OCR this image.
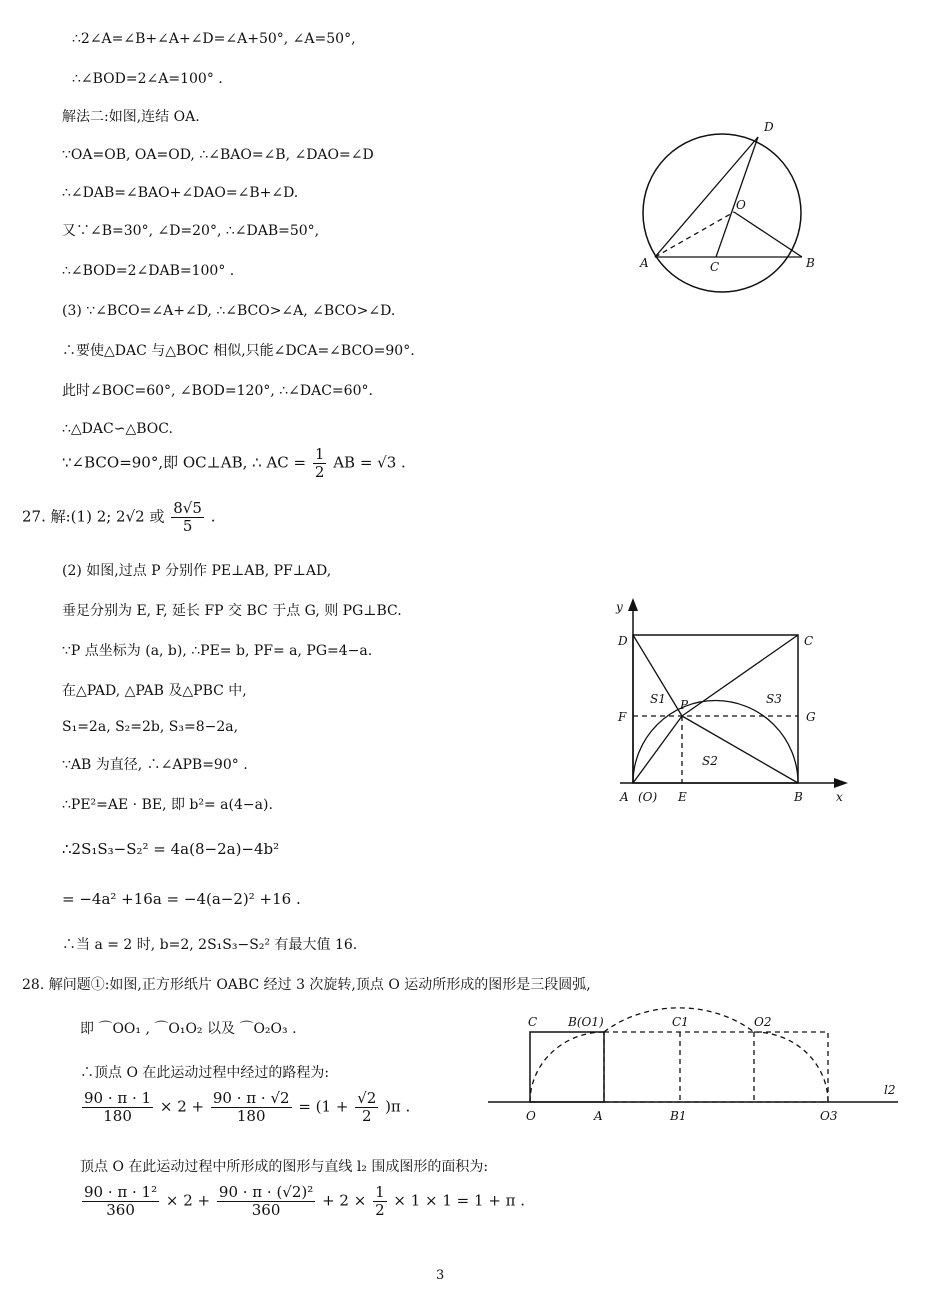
∴2∠A=∠B+∠A+∠D=∠A+50°, ∠A=50°,
∴∠BOD=2∠A=100° .
解法二:如图,连结 OA.
∵OA=OB, OA=OD, ∴∠BAO=∠B, ∠DAO=∠D
∴∠DAB=∠BAO+∠DAO=∠B+∠D.
又∵∠B=30°, ∠D=20°, ∴∠DAB=50°,
∴∠BOD=2∠DAB=100° .
(3) ∵∠BCO=∠A+∠D, ∴∠BCO>∠A, ∠BCO>∠D.
∴要使△DAC 与△BOC 相似,只能∠DCA=∠BCO=90°.
此时∠BOC=60°, ∠BOD=120°, ∴∠DAC=60°.
∴△DAC∽△BOC.
∵∠BCO=90°,即 OC⊥AB, ∴ AC = $\frac{1}{2}$ AB = √3 .
27. 解:(1) 2; 2√2 或 $\frac{8√5}{5}$ .
(2) 如图,过点 P 分别作 PE⊥AB, PF⊥AD,
垂足分别为 E, F, 延长 FP 交 BC 于点 G, 则 PG⊥BC.
∵P 点坐标为 (a, b), ∴PE= b, PF= a, PG=4−a.
在△PAD, △PAB 及△PBC 中,
S₁=2a, S₂=2b, S₃=8−2a,
∵AB 为直径, ∴∠APB=90° .
∴PE²=AE · BE, 即 b²= a(4−a).
∴2S₁S₃−S₂² = 4a(8−2a)−4b²
= −4a² +16a = −4(a−2)² +16 .
∴当 a = 2 时, b=2, 2S₁S₃−S₂² 有最大值 16.
28. 解问题①:如图,正方形纸片 OABC 经过 3 次旋转,顶点 O 运动所形成的图形是三段圆弧,
即 ⌒OO₁ , ⌒O₁O₂ 以及 ⌒O₂O₃ .
∴顶点 O 在此运动过程中经过的路程为:
$\frac{90 \cdot \pi \cdot 1}{180} \times 2 + \frac{90 \cdot \pi \cdot √2}{180} = (1 + \frac{√2}{2} )\pi$ .
顶点 O 在此运动过程中所形成的图形与直线 l₂ 围成图形的面积为:
$\frac{\text{90 · π · 1²}}{360} \times 2 + \frac{\text{90 · π · (√2)²}}{360} + 2 \times \frac{1}{2} \times 1 \times 1 = 1 + \pi$ .
3
D
O
A	C	B
y
D	C
S1 P	S3
F	G
S2
A (O) E	B	x
C	B(O1)	C1	O2
l2
O	A	B1	O3
